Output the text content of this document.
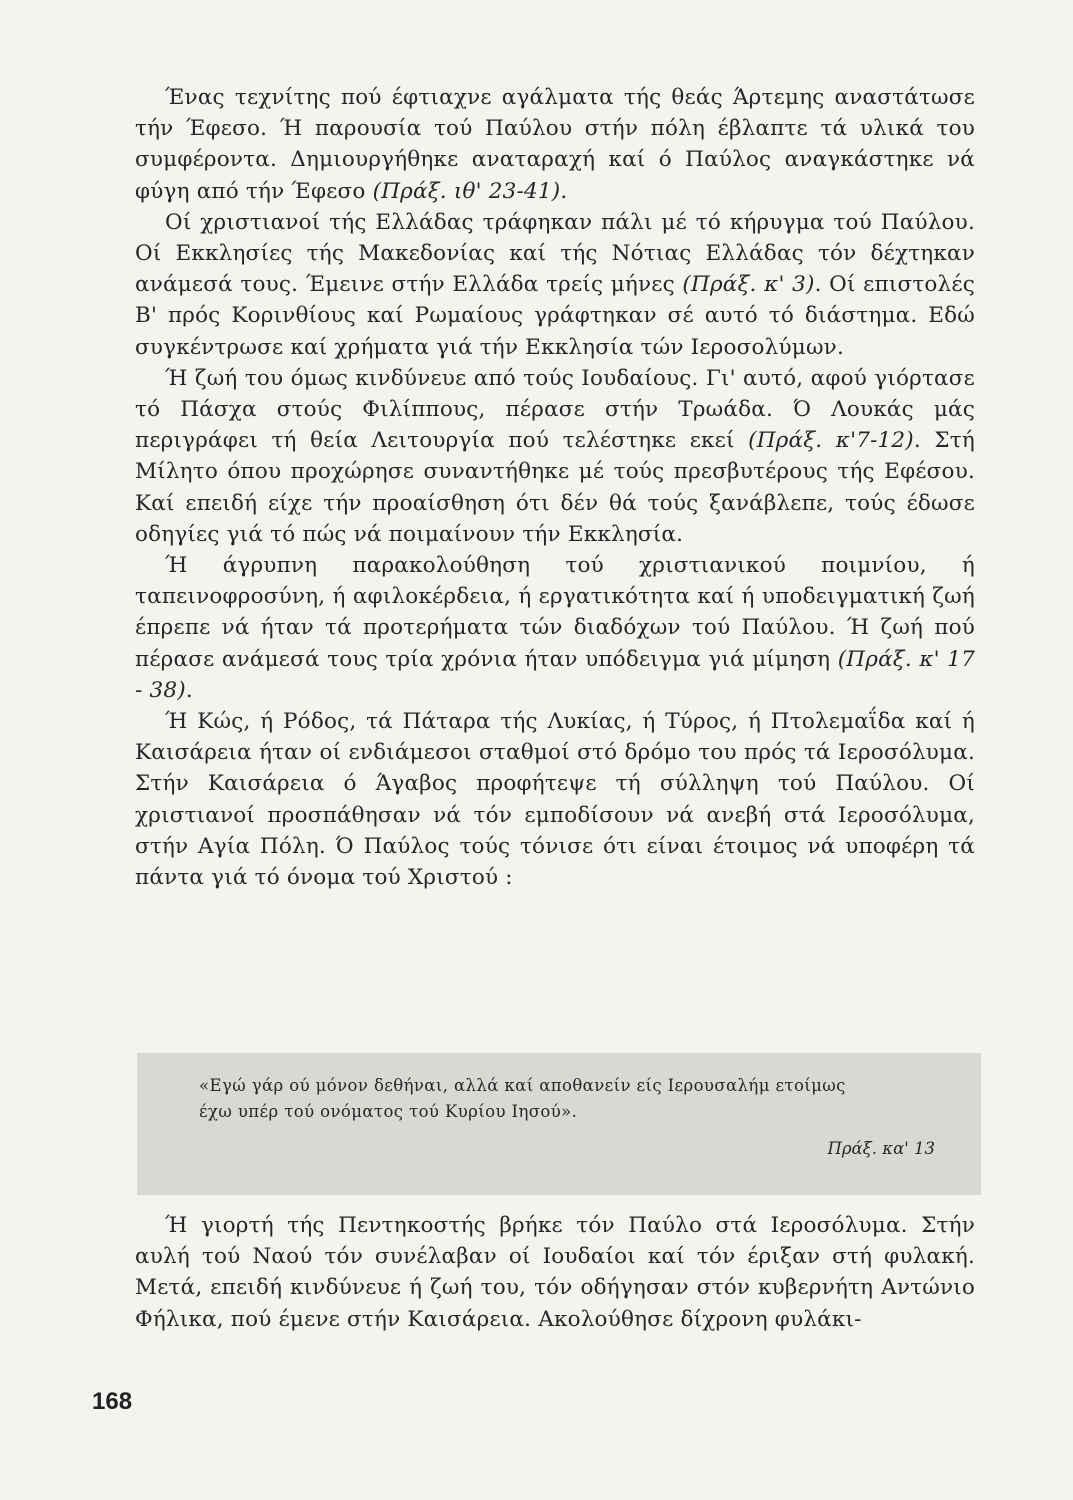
Ένας τεχνίτης πού έφτιαχνε αγάλματα τής θεάς Άρτεμης αναστάτωσε τήν Έφεσο. Ή παρουσία τού Παύλου στήν πόλη έβλαπτε τά υλικά του συμφέροντα. Δημιουργήθηκε αναταραχή καί ό Παύλος αναγκάστηκε νά φύγη από τήν Έφεσο (Πράξ. ιθ' 23-41).

Οί χριστιανοί τής Ελλάδας τράφηκαν πάλι μέ τό κήρυγμα τού Παύλου. Οί Εκκλησίες τής Μακεδονίας καί τής Νότιας Ελλάδας τόν δέχτηκαν ανάμεσά τους. Έμεινε στήν Ελλάδα τρείς μήνες (Πράξ. κ' 3). Οί επιστολές Β' πρός Κορινθίους καί Ρωμαίους γράφτηκαν σέ αυτό τό διάστημα. Εδώ συγκέντρωσε καί χρήματα γιά τήν Εκκλησία τών Ιεροσολύμων.

Ή ζωή του όμως κινδύνευε από τούς Ιουδαίους. Γι' αυτό, αφού γιόρτασε τό Πάσχα στούς Φιλίππους, πέρασε στήν Τρωάδα. Ό Λουκάς μάς περιγράφει τή θεία Λειτουργία πού τελέστηκε εκεί (Πράξ. κ'7-12). Στή Μίλητο όπου προχώρησε συναντήθηκε μέ τούς πρεσβυτέρους τής Εφέσου. Καί επειδή είχε τήν προαίσθηση ότι δέν θά τούς ξανάβλεπε, τούς έδωσε οδηγίες γιά τό πώς νά ποιμαίνουν τήν Εκκλησία.

Ή άγρυπνη παρακολούθηση τού χριστιανικού ποιμνίου, ή ταπεινοφροσύνη, ή αφιλοκέρδεια, ή εργατικότητα καί ή υποδειγματική ζωή έπρεπε νά ήταν τά προτερήματα τών διαδόχων τού Παύλου. Ή ζωή πού πέρασε ανάμεσά τους τρία χρόνια ήταν υπόδειγμα γιά μίμηση (Πράξ. κ' 17 - 38).

Ή Κώς, ή Ρόδος, τά Πάταρα τής Λυκίας, ή Τύρος, ή Πτολεμαΐδα καί ή Καισάρεια ήταν οί ενδιάμεσοι σταθμοί στό δρόμο του πρός τά Ιεροσόλυμα. Στήν Καισάρεια ό Άγαβος προφήτεψε τή σύλληψη τού Παύλου. Οί χριστιανοί προσπάθησαν νά τόν εμποδίσουν νά ανεβή στά Ιεροσόλυμα, στήν Αγία Πόλη. Ό Παύλος τούς τόνισε ότι είναι έτοιμος νά υποφέρη τά πάντα γιά τό όνομα τού Χριστού :

«Εγώ γάρ ού μόνον δεθήναι, αλλά καί αποθανείν είς Ιερουσαλήμ ετοίμως
έχω υπέρ τού ονόματος τού Κυρίου Ιησού».
Πράξ. κα' 13

Ή γιορτή τής Πεντηκοστής βρήκε τόν Παύλο στά Ιεροσόλυμα. Στήν αυλή τού Ναού τόν συνέλαβαν οί Ιουδαίοι καί τόν έριξαν στή φυλακή. Μετά, επειδή κινδύνευε ή ζωή του, τόν οδήγησαν στόν κυβερνήτη Αντώνιο Φήλικα, πού έμενε στήν Καισάρεια. Ακολούθησε δίχρονη φυλάκι-

168
